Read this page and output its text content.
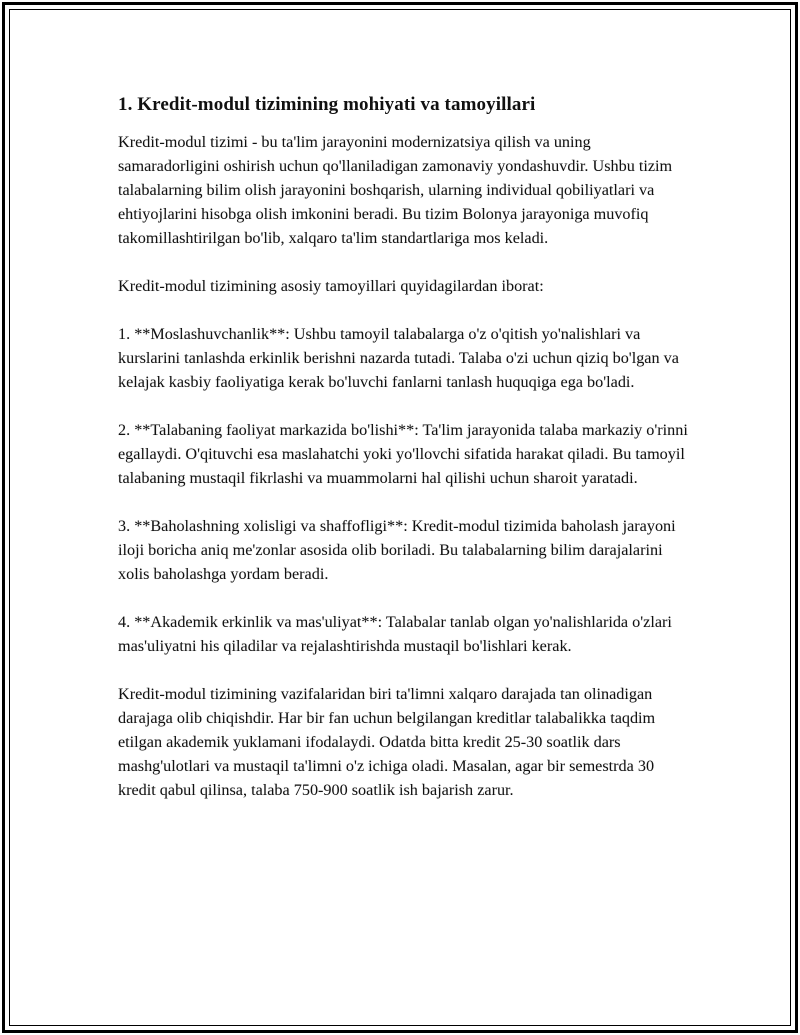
1. Kredit-modul tizimining mohiyati va tamoyillari

Kredit-modul tizimi - bu ta'lim jarayonini modernizatsiya qilish va uning samaradorligini oshirish uchun qo'llaniladigan zamonaviy yondashuvdir. Ushbu tizim talabalarning bilim olish jarayonini boshqarish, ularning individual qobiliyatlari va ehtiyojlarini hisobga olish imkonini beradi. Bu tizim Bolonya jarayoniga muvofiq takomillashtirilgan bo'lib, xalqaro ta'lim standartlariga mos keladi.

Kredit-modul tizimining asosiy tamoyillari quyidagilardan iborat:

1. **Moslashuvchanlik**: Ushbu tamoyil talabalarga o'z o'qitish yo'nalishlari va kurslarini tanlashda erkinlik berishni nazarda tutadi. Talaba o'zi uchun qiziq bo'lgan va kelajak kasbiy faoliyatiga kerak bo'luvchi fanlarni tanlash huquqiga ega bo'ladi.

2. **Talabaning faoliyat markazida bo'lishi**: Ta'lim jarayonida talaba markaziy o'rinni egallaydi. O'qituvchi esa maslahatchi yoki yo'llovchi sifatida harakat qiladi. Bu tamoyil talabaning mustaqil fikrlashi va muammolarni hal qilishi uchun sharoit yaratadi.

3. **Baholashning xolisligi va shaffofligi**: Kredit-modul tizimida baholash jarayoni iloji boricha aniq me'zonlar asosida olib boriladi. Bu talabalarning bilim darajalarini xolis baholashga yordam beradi.

4. **Akademik erkinlik va mas'uliyat**: Talabalar tanlab olgan yo'nalishlarida o'zlari mas'uliyatni his qiladilar va rejalashtirishda mustaqil bo'lishlari kerak.

Kredit-modul tizimining vazifalaridan biri ta'limni xalqaro darajada tan olinadigan darajaga olib chiqishdir. Har bir fan uchun belgilangan kreditlar talabalikka taqdim etilgan akademik yuklamani ifodalaydi. Odatda bitta kredit 25-30 soatlik dars mashg'ulotlari va mustaqil ta'limni o'z ichiga oladi. Masalan, agar bir semestrda 30 kredit qabul qilinsa, talaba 750-900 soatlik ish bajarish zarur.
